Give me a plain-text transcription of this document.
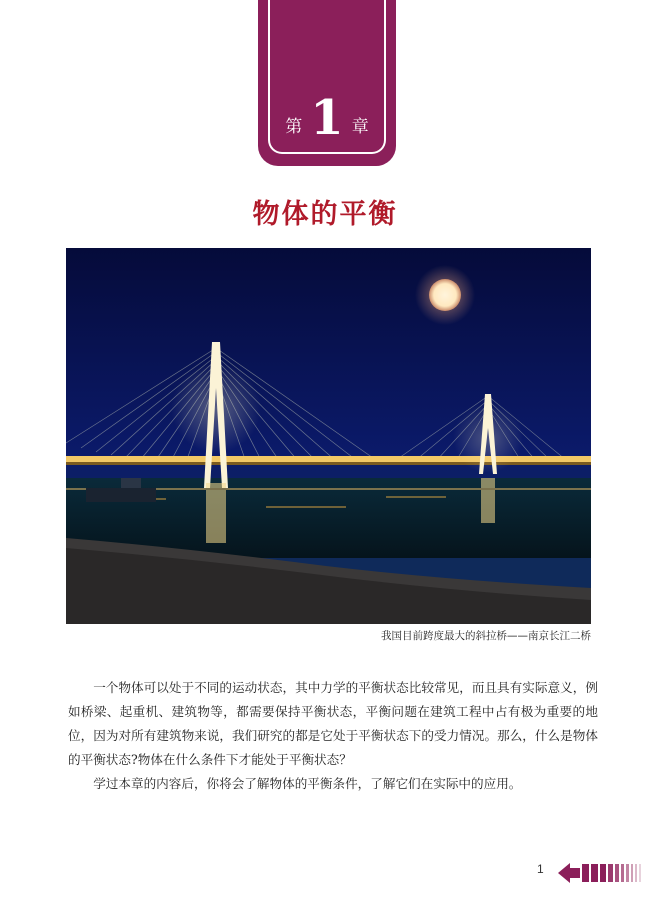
第 1 章
物体的平衡
我国目前跨度最大的斜拉桥——南京长江二桥

一个物体可以处于不同的运动状态，其中力学的平衡状态比较常见，而且具有实际意义，例如桥梁、起重机、建筑物等，都需要保持平衡状态，平衡问题在建筑工程中占有极为重要的地位，因为对所有建筑物来说，我们研究的都是它处于平衡状态下的受力情况。那么，什么是物体的平衡状态?物体在什么条件下才能处于平衡状态？

学过本章的内容后，你将会了解物体的平衡条件，了解它们在实际中的应用。

1
